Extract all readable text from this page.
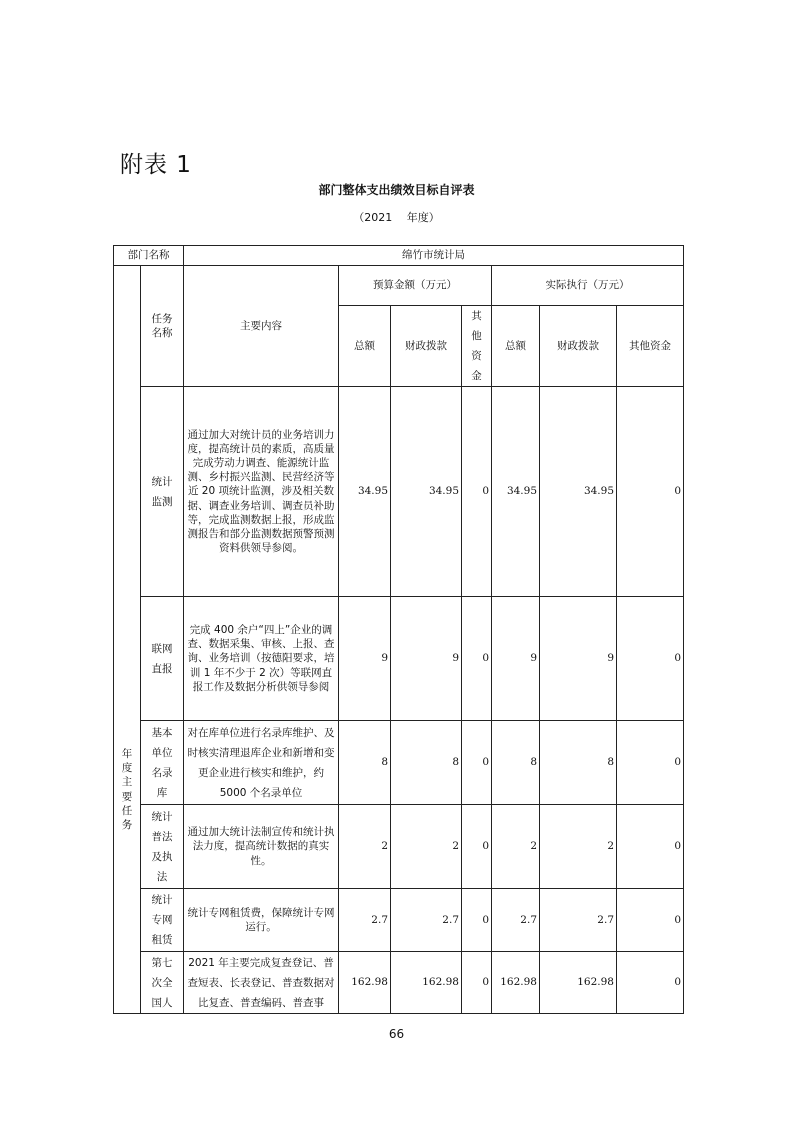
附表 1
部门整体支出绩效目标自评表
（2021　 年度）
部门名称		绵竹市统计局						

年度主要任务	任务名称	主要内容	预算金额（万元）			实际执行（万元）		
			总额	财政拨款	其他资金	总额	财政拨款	其他资金

	统计监测	通过加大对统计员的业务培训力度，提高统计员的素质，高质量完成劳动力调查、能源统计监测、乡村振兴监测、民营经济等近 20 项统计监测，涉及相关数据、调查业务培训、调查员补助等，完成监测数据上报，形成监测报告和部分监测数据预警预测资料供领导参阅。	34.95	34.95	0	34.95	34.95	0

	联网直报	完成 400 余户“四上”企业的调查、数据采集、审核、上报、查询、业务培训（按德阳要求，培训 1 年不少于 2 次）等联网直报工作及数据分析供领导参阅	9	9	0	9	9	0

	基本单位名录库	对在库单位进行名录库维护、及时核实清理退库企业和新增和变更企业进行核实和维护，约 5000 个名录单位	8	8	0	8	8	0

	统计普法及执法	通过加大统计法制宣传和统计执法力度，提高统计数据的真实性。	2	2	0	2	2	0

	统计专网租赁	统计专网租赁费，保障统计专网运行。	2.7	2.7	0	2.7	2.7	0

	第七次全国人	2021 年主要完成复查登记、普查短表、长表登记、普查数据对比复查、普查编码、普查事	162.98	162.98	0	162.98	162.98	0
66
